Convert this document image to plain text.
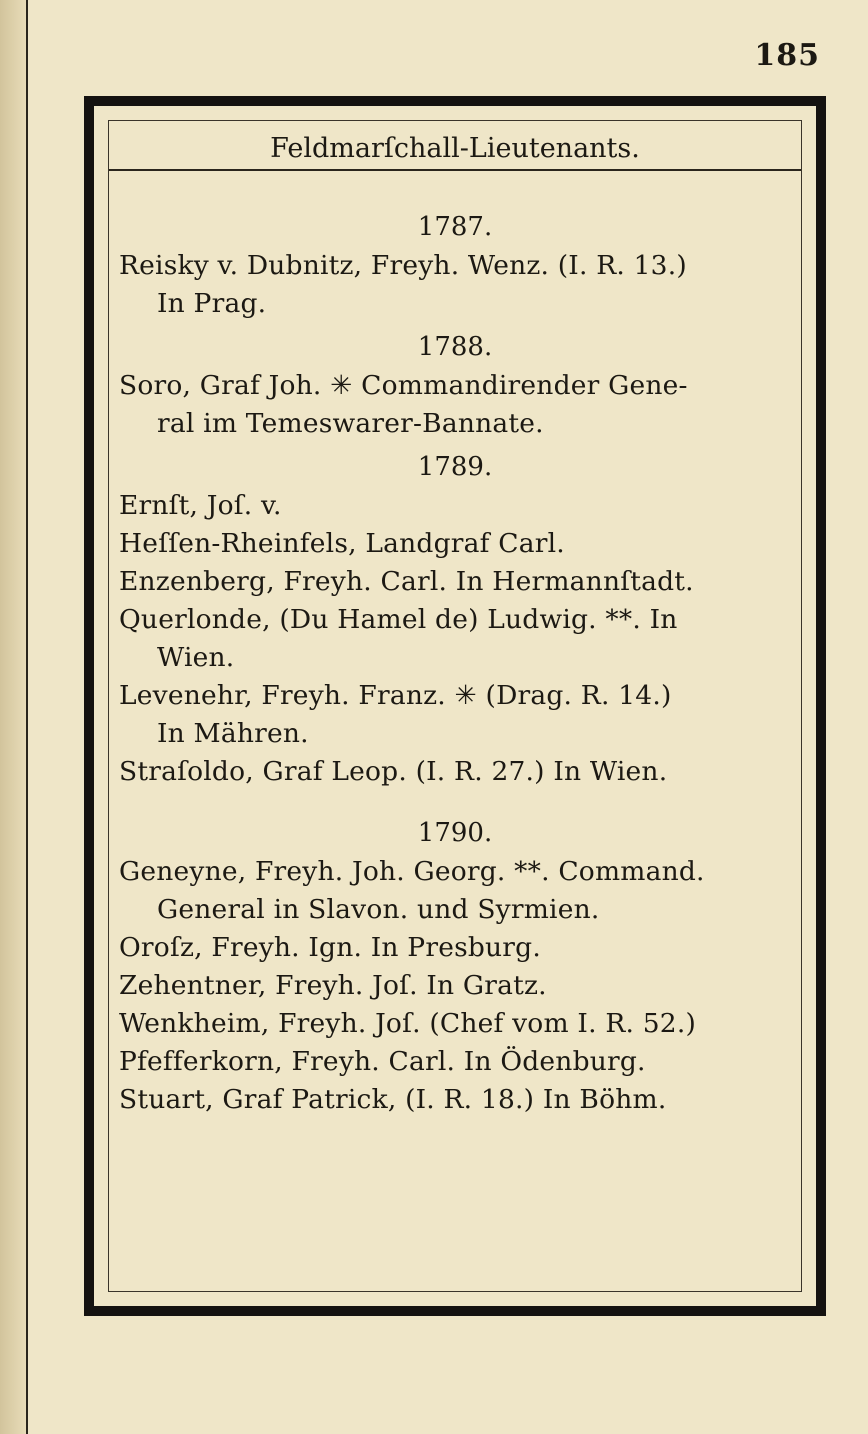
185
Feldmarſchall-Lieutenants.
1787.
Reisky v. Dubnitz, Freyh. Wenz. (I. R. 13.)
In Prag.
1788.
Soro, Graf Joh. ✳ Commandirender Gene-
ral im Temeswarer-Bannate.
1789.
Ernſt, Joſ. v.
Heſſen-Rheinfels, Landgraf Carl.
Enzenberg, Freyh. Carl. In Hermannſtadt.
Querlonde, (Du Hamel de) Ludwig. **. In
Wien.
Levenehr, Freyh. Franz. ✳ (Drag. R. 14.)
In Mähren.
Straſoldo, Graf Leop. (I. R. 27.) In Wien.
1790.
Geneyne, Freyh. Joh. Georg. **. Command.
General in Slavon. und Syrmien.
Oroſz, Freyh. Ign. In Presburg.
Zehentner, Freyh. Joſ. In Gratz.
Wenkheim, Freyh. Joſ. (Chef vom I. R. 52.)
Pfefferkorn, Freyh. Carl. In Ödenburg.
Stuart, Graf Patrick, (I. R. 18.) In Böhm.
